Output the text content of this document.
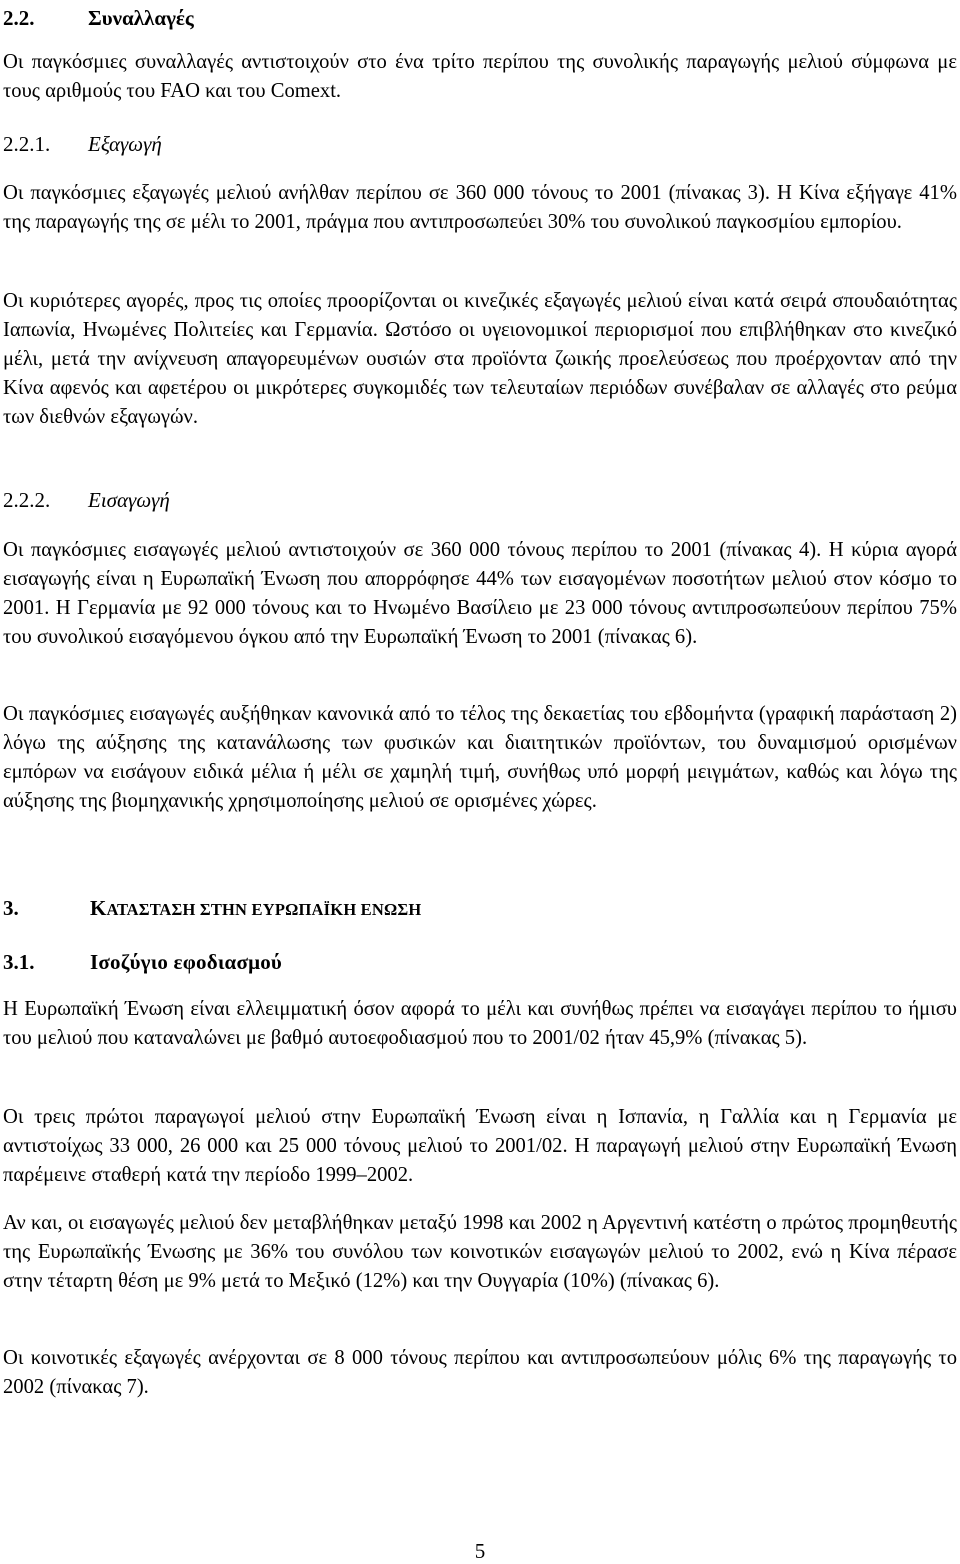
2.2.	Συναλλαγές

Οι παγκόσμιες συναλλαγές αντιστοιχούν στο ένα τρίτο περίπου της συνολικής παραγωγής μελιού σύμφωνα με τους αριθμούς του FAO και του Comext.

2.2.1. Εξαγωγή

Οι παγκόσμιες εξαγωγές μελιού ανήλθαν περίπου σε 360 000 τόνους το 2001 (πίνακας 3). Η Κίνα εξήγαγε 41% της παραγωγής της σε μέλι το 2001, πράγμα που αντιπροσωπεύει 30% του συνολικού παγκοσμίου εμπορίου.

Οι κυριότερες αγορές, προς τις οποίες προορίζονται οι κινεζικές εξαγωγές μελιού είναι κατά σειρά σπουδαιότητας Ιαπωνία, Ηνωμένες Πολιτείες και Γερμανία. Ωστόσο οι υγειονομικοί περιορισμοί που επιβλήθηκαν στο κινεζικό μέλι, μετά την ανίχνευση απαγορευμένων ουσιών στα προϊόντα ζωικής προελεύσεως που προέρχονταν από την Κίνα αφενός και αφετέρου οι μικρότερες συγκομιδές των τελευταίων περιόδων συνέβαλαν σε αλλαγές στο ρεύμα των διεθνών εξαγωγών.

2.2.2. Εισαγωγή

Οι παγκόσμιες εισαγωγές μελιού αντιστοιχούν σε 360 000 τόνους περίπου το 2001 (πίνακας 4). Η κύρια αγορά εισαγωγής είναι η Ευρωπαϊκή Ένωση που απορρόφησε 44% των εισαγομένων ποσοτήτων μελιού στον κόσμο το 2001. Η Γερμανία με 92 000 τόνους και το Ηνωμένο Βασίλειο με 23 000 τόνους αντιπροσωπεύουν περίπου 75% του συνολικού εισαγόμενου όγκου από την Ευρωπαϊκή Ένωση το 2001 (πίνακας 6).

Οι παγκόσμιες εισαγωγές αυξήθηκαν κανονικά από το τέλος της δεκαετίας του εβδομήντα (γραφική παράσταση 2) λόγω της αύξησης της κατανάλωσης των φυσικών και διαιτητικών προϊόντων, του δυναμισμού ορισμένων εμπόρων να εισάγουν ειδικά μέλια ή μέλι σε χαμηλή τιμή, συνήθως υπό μορφή μειγμάτων, καθώς και λόγω της αύξησης της βιομηχανικής χρησιμοποίησης μελιού σε ορισμένες χώρες.

3.	ΚΑΤΑΣΤΑΣΗ ΣΤΗΝ ΕΥΡΩΠΑΪΚΗ ΕΝΩΣΗ
3.1.	Ισοζύγιο εφοδιασμού

Η Ευρωπαϊκή Ένωση είναι ελλειμματική όσον αφορά το μέλι και συνήθως πρέπει να εισαγάγει περίπου το ήμισυ του μελιού που καταναλώνει με βαθμό αυτοεφοδιασμού που το 2001/02 ήταν 45,9% (πίνακας 5).

Οι τρεις πρώτοι παραγωγοί μελιού στην Ευρωπαϊκή Ένωση είναι η Ισπανία, η Γαλλία και η Γερμανία με αντιστοίχως 33 000, 26 000 και 25 000 τόνους μελιού το 2001/02. Η παραγωγή μελιού στην Ευρωπαϊκή Ένωση παρέμεινε σταθερή κατά την περίοδο 1999–2002.

Αν και, οι εισαγωγές μελιού δεν μεταβλήθηκαν μεταξύ 1998 και 2002 η Αργεντινή κατέστη ο πρώτος προμηθευτής της Ευρωπαϊκής Ένωσης με 36% του συνόλου των κοινοτικών εισαγωγών μελιού το 2002, ενώ η Κίνα πέρασε στην τέταρτη θέση με 9% μετά το Μεξικό (12%) και την Ουγγαρία (10%) (πίνακας 6).

Οι κοινοτικές εξαγωγές ανέρχονται σε 8 000 τόνους περίπου και αντιπροσωπεύουν μόλις 6% της παραγωγής το 2002 (πίνακας 7).

5
